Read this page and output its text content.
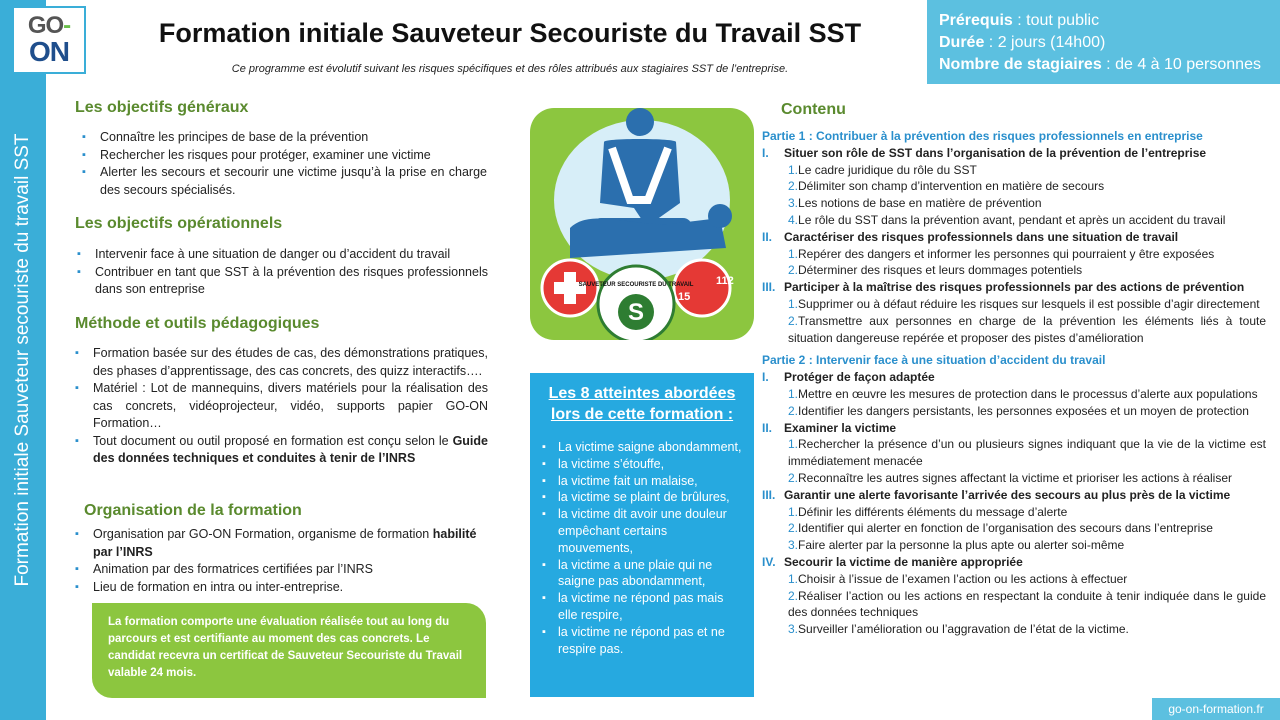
Formation initiale Sauveteur secouriste du travail SST
GO-
ON
Formation initiale Sauveteur Secouriste du Travail SST
Ce programme est évolutif suivant les risques spécifiques et des rôles attribués aux stagiaires SST de l’entreprise.
Prérequis : tout public
Durée : 2 jours (14h00)
Nombre de stagiaires : de 4 à 10 personnes
Les objectifs généraux
▪ Connaître les principes de base de la prévention
▪ Rechercher les risques pour protéger, examiner une victime
▪ Alerter les secours et secourir une victime jusqu’à la prise en charge des secours spécialisés.
Les objectifs opérationnels
▪ Intervenir face à une situation de danger ou d’accident du travail
▪ Contribuer en tant que SST à la prévention des risques professionnels dans son entreprise
Méthode et outils pédagogiques
▪ Formation basée sur des études de cas, des démonstrations pratiques, des phases d’apprentissage, des cas concrets, des quizz interactifs….
▪ Matériel : Lot de mannequins, divers matériels pour la réalisation des cas concrets, vidéoprojecteur, vidéo, supports papier GO-ON Formation…
▪ Tout document ou outil proposé en formation est conçu selon le Guide des données techniques et conduites à tenir de l’INRS
Organisation de la formation
▪ Organisation par GO-ON Formation, organisme de formation habilité par l’INRS
▪ Animation par des formatrices certifiées par l’INRS
▪ Lieu de formation en intra ou inter-entreprise.
La formation comporte une évaluation réalisée tout au long du parcours et est certifiante au moment des cas concrets. Le candidat recevra un certificat de Sauveteur Secouriste du Travail valable 24 mois.
112
15
S
SAUVETEUR SECOURISTE DU TRAVAIL
Les 8 atteintes abordées
lors de cette formation :
▪ La victime saigne abondamment,
▪ la victime s’étouffe,
▪ la victime fait un malaise,
▪ la victime se plaint de brûlures,
▪ la victime dit avoir une douleur empêchant certains mouvements,
▪ la victime a une plaie qui ne saigne pas abondamment,
▪ la victime ne répond pas mais elle respire,
▪ la victime ne répond pas et ne respire pas.
Contenu
Partie 1 : Contribuer à la prévention des risques professionnels en entreprise
I. Situer son rôle de SST dans l’organisation de la prévention de l’entreprise
1.Le cadre juridique du rôle du SST
2.Délimiter son champ d’intervention en matière de secours
3.Les notions de base en matière de prévention
4.Le rôle du SST dans la prévention avant, pendant et après un accident du travail
II. Caractériser des risques professionnels dans une situation de travail
1.Repérer des dangers et informer les personnes qui pourraient y être exposées
2.Déterminer des risques et leurs dommages potentiels
III. Participer à la maîtrise des risques professionnels par des actions de prévention
1.Supprimer ou à défaut réduire les risques sur lesquels il est possible d’agir directement
2.Transmettre aux personnes en charge de la prévention les éléments liés à toute situation dangereuse repérée et proposer des pistes d’amélioration
Partie 2 : Intervenir face à une situation d’accident du travail
I. Protéger de façon adaptée
1.Mettre en œuvre les mesures de protection dans le processus d’alerte aux populations
2.Identifier les dangers persistants, les personnes exposées et un moyen de protection
II. Examiner la victime
1.Rechercher la présence d’un ou plusieurs signes indiquant que la vie de la victime est immédiatement menacée
2.Reconnaître les autres signes affectant la victime et prioriser les actions à réaliser
III. Garantir une alerte favorisante l’arrivée des secours au plus près de la victime
1.Définir les différents éléments du message d’alerte
2.Identifier qui alerter en fonction de l’organisation des secours dans l’entreprise
3.Faire alerter par la personne la plus apte ou alerter soi-même
IV. Secourir la victime de manière appropriée
1.Choisir à l’issue de l’examen l’action ou les actions à effectuer
2.Réaliser l’action ou les actions en respectant la conduite à tenir indiquée dans le guide des données techniques
3.Surveiller l’amélioration ou l’aggravation de l’état de la victime.
go-on-formation.fr
